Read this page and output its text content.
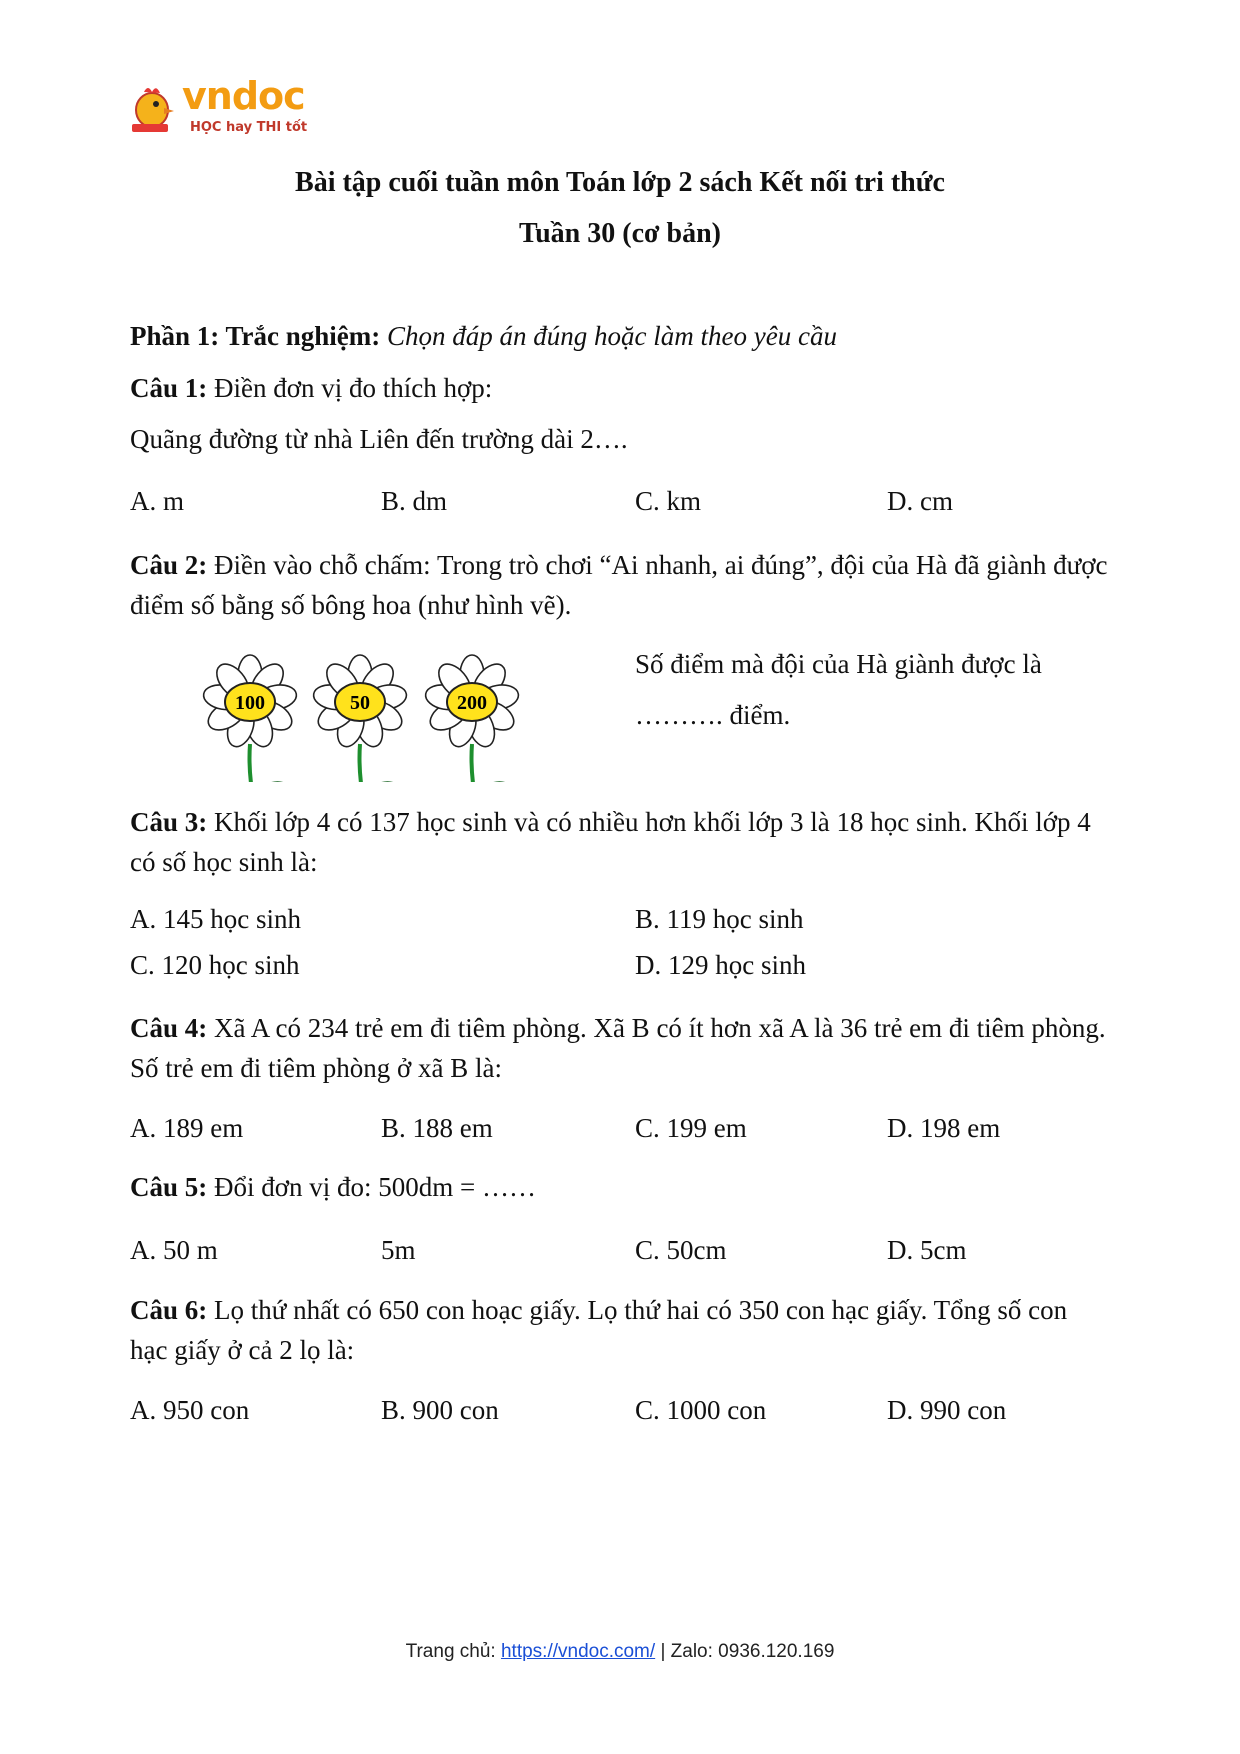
vndoc
HỌC hay THI tốt
Bài tập cuối tuần môn Toán lớp 2 sách Kết nối tri thức
Tuần 30 (cơ bản)
Phần 1: Trắc nghiệm: Chọn đáp án đúng hoặc làm theo yêu cầu
Câu 1: Điền đơn vị đo thích hợp:
Quãng đường từ nhà Liên đến trường dài 2….
A. m	B. dm	C. km	D. cm
Câu 2: Điền vào chỗ chấm: Trong trò chơi “Ai nhanh, ai đúng”, đội của Hà đã giành được điểm số bằng số bông hoa (như hình vẽ).
100	50	200
Số điểm mà đội của Hà giành được là
………. điểm.
Câu 3: Khối lớp 4 có 137 học sinh và có nhiều hơn khối lớp 3 là 18 học sinh. Khối lớp 4 có số học sinh là:
A. 145 học sinh	B. 119 học sinh
C. 120 học sinh	D. 129 học sinh
Câu 4: Xã A có 234 trẻ em đi tiêm phòng. Xã B có ít hơn xã A là 36 trẻ em đi tiêm phòng. Số trẻ em đi tiêm phòng ở xã B là:
A. 189 em	B. 188 em	C. 199 em	D. 198 em
Câu 5: Đổi đơn vị đo: 500dm = ……
A. 50 m	5m	C. 50cm	D. 5cm
Câu 6: Lọ thứ nhất có 650 con hoạc giấy. Lọ thứ hai có 350 con hạc giấy. Tổng số con hạc giấy ở cả 2 lọ là:
A. 950 con	B. 900 con	C. 1000 con	D. 990 con
Trang chủ: https://vndoc.com/ | Zalo: 0936.120.169
